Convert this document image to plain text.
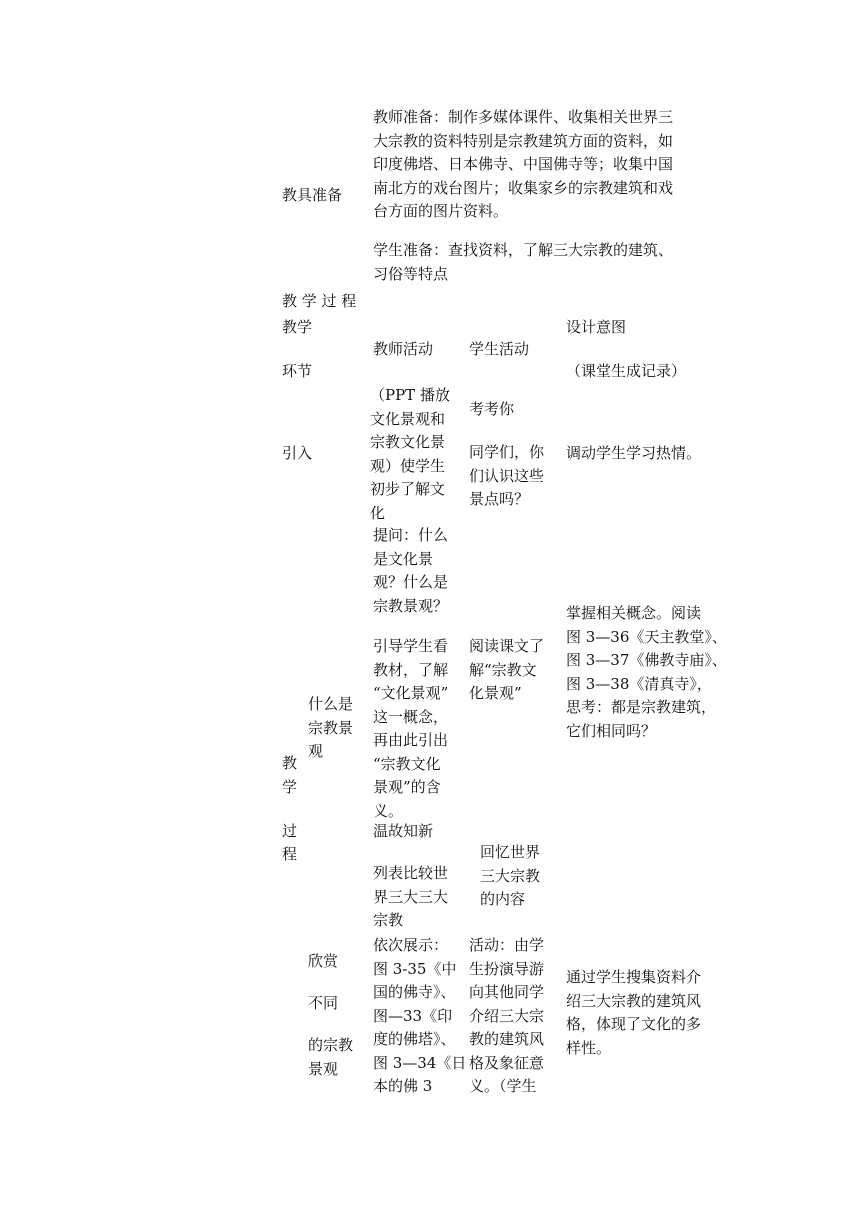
教具准备
教师准备：制作多媒体课件、收集相关世界三
大宗教的资料特别是宗教建筑方面的资料，如
印度佛塔、日本佛寺、中国佛寺等；收集中国
南北方的戏台图片；收集家乡的宗教建筑和戏
台方面的图片资料。
学生准备：查找资料，了解三大宗教的建筑、
习俗等特点
教 学 过 程
教学
环节
教师活动 学生活动
设计意图
（课堂生成记录）
引入
（PPT 播放
文化景观和
宗教文化景
观）使学生
初步了解文
化
考考你
同学们，你
们认识这些
景点吗？
调动学生学习热情。
教
学
过
程
什么是
宗教景
观
提问：什么
是文化景
观？什么是
宗教景观？
引导学生看
教材，了解
“文化景观”
这一概念，
再由此引出
“宗教文化
景观”的含
义。
阅读课文了
解“宗教文
化景观”
掌握相关概念。阅读
图 3—36《天主教堂》、
图 3—37《佛教寺庙》、
图 3—38《清真寺》，
思考：都是宗教建筑，
它们相同吗？
温故知新
列表比较世
界三大三大
宗教
回忆世界
三大宗教
的内容
欣赏
不同
的宗教
景观
依次展示：
图 3-35《中
国的佛寺》、
图—33《印
度的佛塔》、
图 3—34《日
本的佛 3
活动：由学
生扮演导游
向其他同学
介绍三大宗
教的建筑风
格及象征意
义。（学生
通过学生搜集资料介
绍三大宗教的建筑风
格，体现了文化的多
样性。
